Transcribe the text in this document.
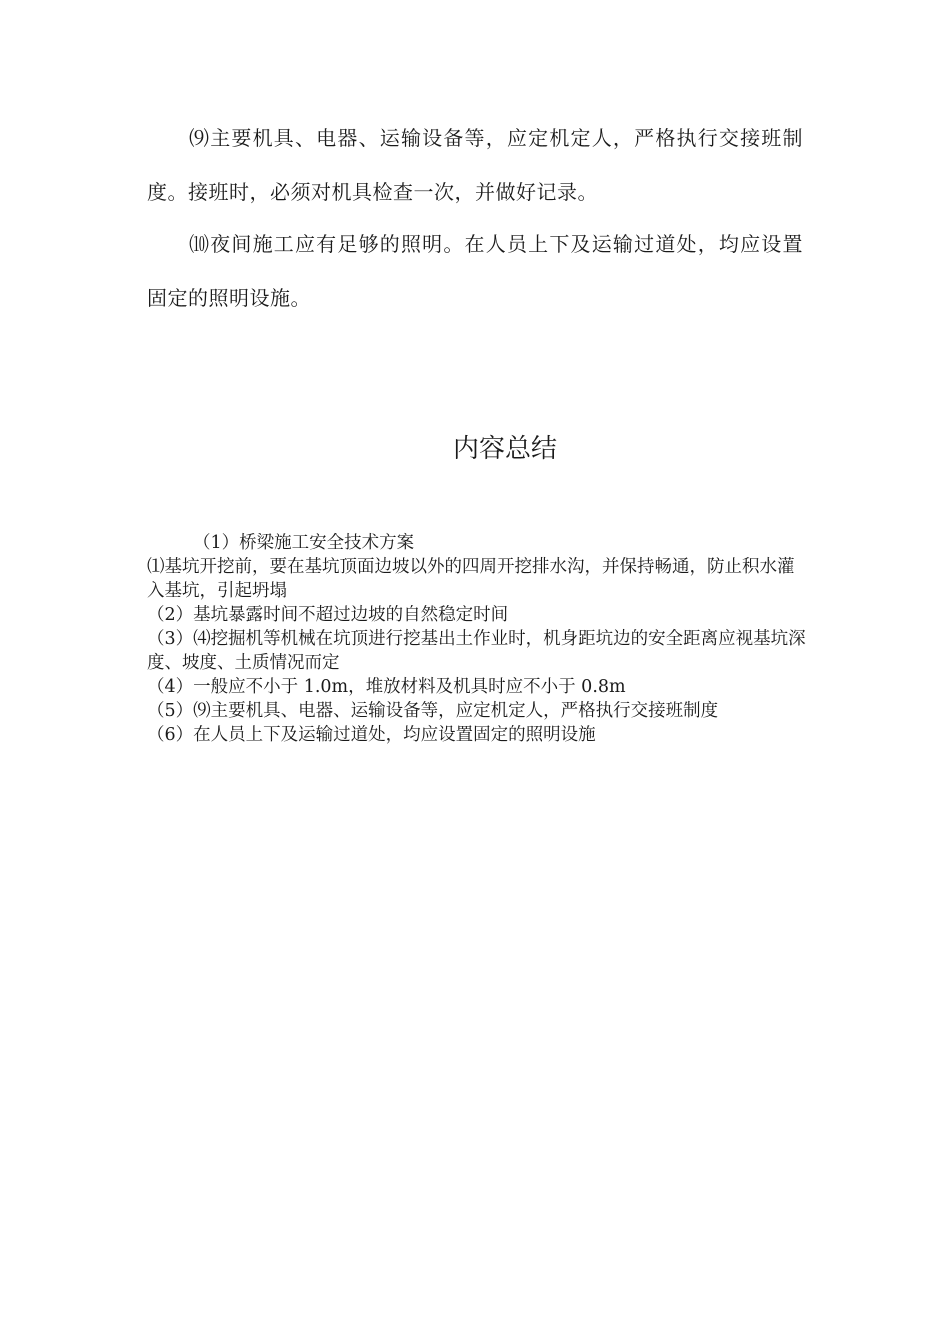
⑼主要机具、电器、运输设备等，应定机定人，严格执行交接班制度。接班时，必须对机具检查一次，并做好记录。

⑽夜间施工应有足够的照明。在人员上下及运输过道处，均应设置固定的照明设施。

内容总结

（1）桥梁施工安全技术方案

⑴基坑开挖前，要在基坑顶面边坡以外的四周开挖排水沟，并保持畅通，防止积水灌入基坑，引起坍塌

（2）基坑暴露时间不超过边坡的自然稳定时间

（3）⑷挖掘机等机械在坑顶进行挖基出土作业时，机身距坑边的安全距离应视基坑深度、坡度、土质情况而定

（4）一般应不小于 1.0m，堆放材料及机具时应不小于 0.8m

（5）⑼主要机具、电器、运输设备等，应定机定人，严格执行交接班制度

（6）在人员上下及运输过道处，均应设置固定的照明设施
